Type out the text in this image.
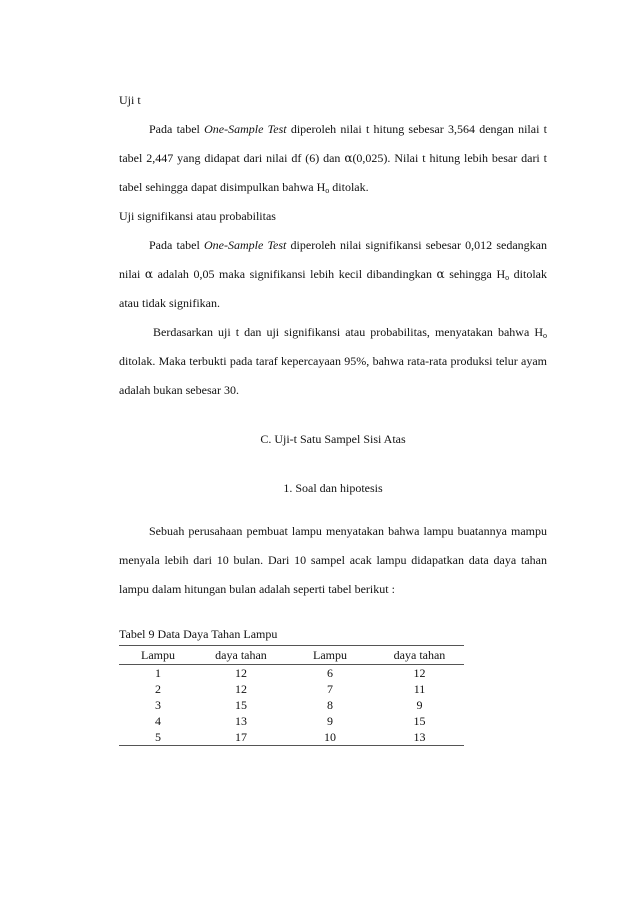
Uji t

Pada tabel One-Sample Test diperoleh nilai t hitung sebesar 3,564 dengan nilai t tabel 2,447 yang didapat dari nilai df (6) dan α(0,025). Nilai t hitung lebih besar dari t tabel sehingga dapat disimpulkan bahwa $H_o$ ditolak.

Uji signifikansi atau probabilitas

Pada tabel One-Sample Test diperoleh nilai signifikansi sebesar 0,012 sedangkan nilai α adalah 0,05 maka signifikansi lebih kecil dibandingkan α sehingga $H_o$ ditolak atau tidak signifikan.

Berdasarkan uji t dan uji signifikansi atau probabilitas, menyatakan bahwa $H_o$ ditolak. Maka terbukti pada taraf kepercayaan 95%, bahwa rata-rata produksi telur ayam adalah bukan sebesar 30.

C. Uji-t Satu Sampel Sisi Atas

1. Soal dan hipotesis

Sebuah perusahaan pembuat lampu menyatakan bahwa lampu buatannya mampu menyala lebih dari 10 bulan. Dari 10 sampel acak lampu didapatkan data daya tahan lampu dalam hitungan bulan adalah seperti tabel berikut :

Tabel 9 Data Daya Tahan Lampu
Lampu	daya tahan	Lampu	daya tahan
1	12	6	12
2	12	7	11
3	15	8	9
4	13	9	15
5	17	10	13
